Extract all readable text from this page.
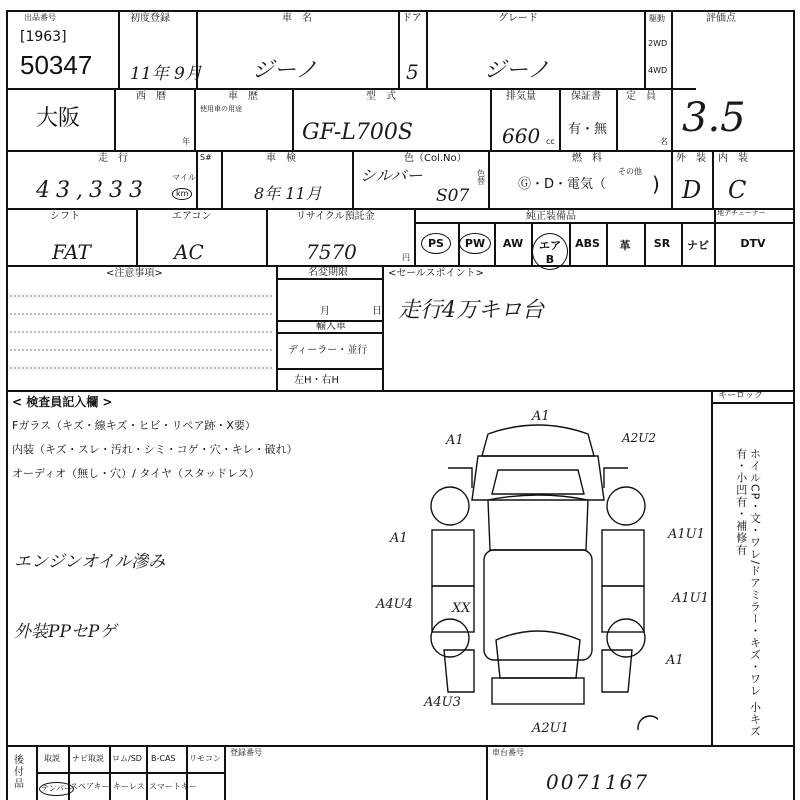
出品番号
[1963]
50347
初度登録
11年 9月
車　名
ジーノ
ドア
5
グレード
ジーノ
駆動
2WD
4WD
評価点
3.5
大阪
西　暦	車　歴
使用車の用途
年
型　式
GF-L700S
排気量
660 cc
保証書
有・無
定　員
名
走　行
43,333
マイル
km
S#	車　検
8年 11月
色（Col.No）
シルバー
S07
色替
燃　料
Ⓖ・D・電気（
その他
)
外　装
D
内　装
C
シフト
FAT
エアコン
AC
リサイクル預託金
7570	円
純正装備品	地デチューナー
PS	PW	AW	エアB
ABS	革	SR	ナビ	DTV
<注意事項>	名変期限
月	日
輸入車
ディーラー・並行
左H・右H
<セールスポイント>
走行4万キロ台
< 検査員記入欄 >
Fガラス（キズ・線キズ・ヒビ・リペア跡・X要）
内装（キズ・スレ・汚れ・シミ・コゲ・穴・キレ・破れ）
オーディオ（無し・穴）/ タイヤ（スタッドレス）
エンジンオイル滲み
外装PPセPゲ
キーロック
ホイルCP・文・ワレ/ドアミラー・キズ・ワレ 小キズ有・小凹有・補修有
A1
A1	A2U2
A1	A1U1
A4U4	A1U1
XX
A4U3
A1
A2U1
後付品
取説 ナビ取説 ロム/SD B-CAS リモコン
テンパー
スペアキー キーレス スマートキー
登録番号	車台番号
0071167
